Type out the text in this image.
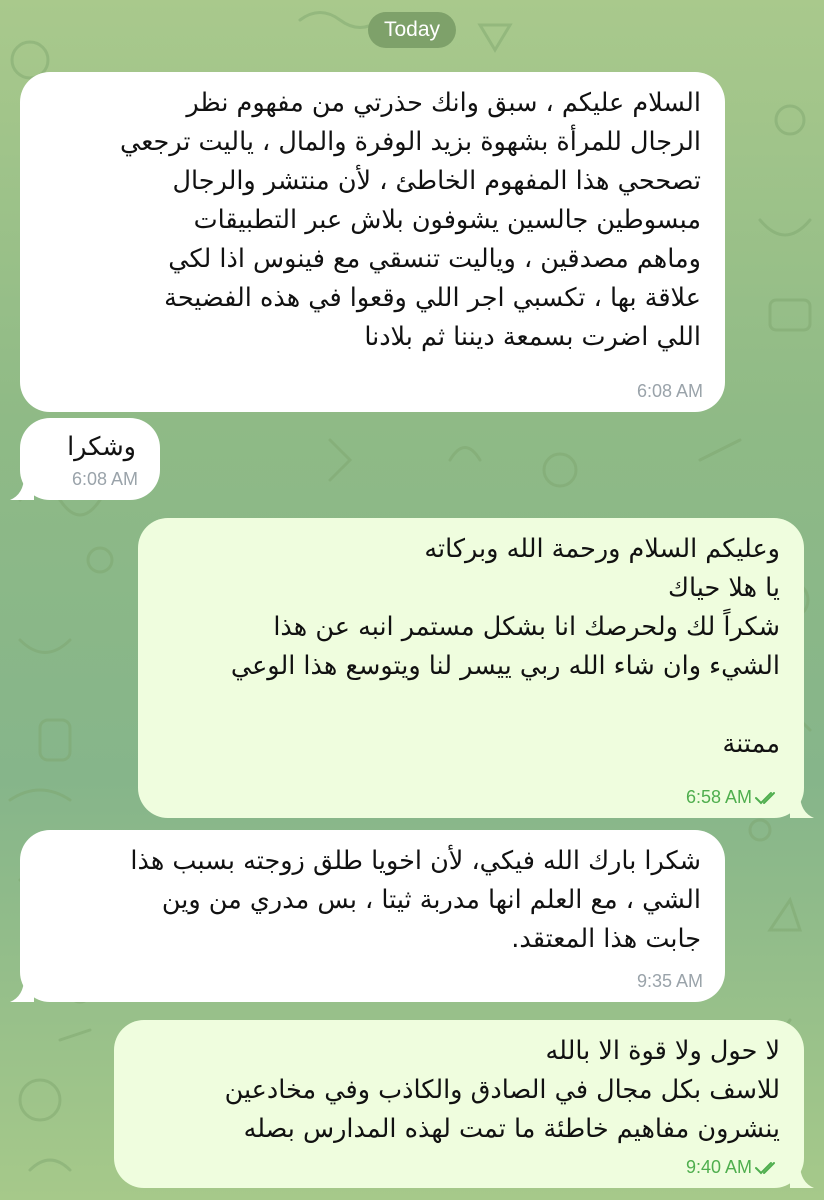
Today
السلام عليكم ، سبق وانك حذرتي من مفهوم نظر
الرجال للمرأة بشهوة بزيد الوفرة والمال ، ياليت ترجعي
تصححي هذا المفهوم الخاطئ ، لأن منتشر والرجال
مبسوطين جالسين يشوفون بلاش عبر التطبيقات
وماهم مصدقين ، وياليت تنسقي مع فينوس اذا لكي
علاقة بها ، تكسبي اجر اللي وقعوا في هذه الفضيحة
اللي اضرت بسمعة ديننا ثم بلادنا
6:08 AM
وشكرا
6:08 AM
وعليكم السلام ورحمة الله وبركاته
يا هلا حياك
شكراً لك ولحرصك انا بشكل مستمر انبه عن هذا
الشيء وان شاء الله ربي ييسر لنا ويتوسع هذا الوعي

ممتنة
6:58 AM
شكرا بارك الله فيكي، لأن اخويا طلق زوجته بسبب هذا
الشي ، مع العلم انها مدربة ثيتا ، بس مدري من وين
جابت هذا المعتقد.
9:35 AM
لا حول ولا قوة الا بالله
للاسف بكل مجال في الصادق والكاذب وفي مخادعين
ينشرون مفاهيم خاطئة ما تمت لهذه المدارس بصله
9:40 AM
